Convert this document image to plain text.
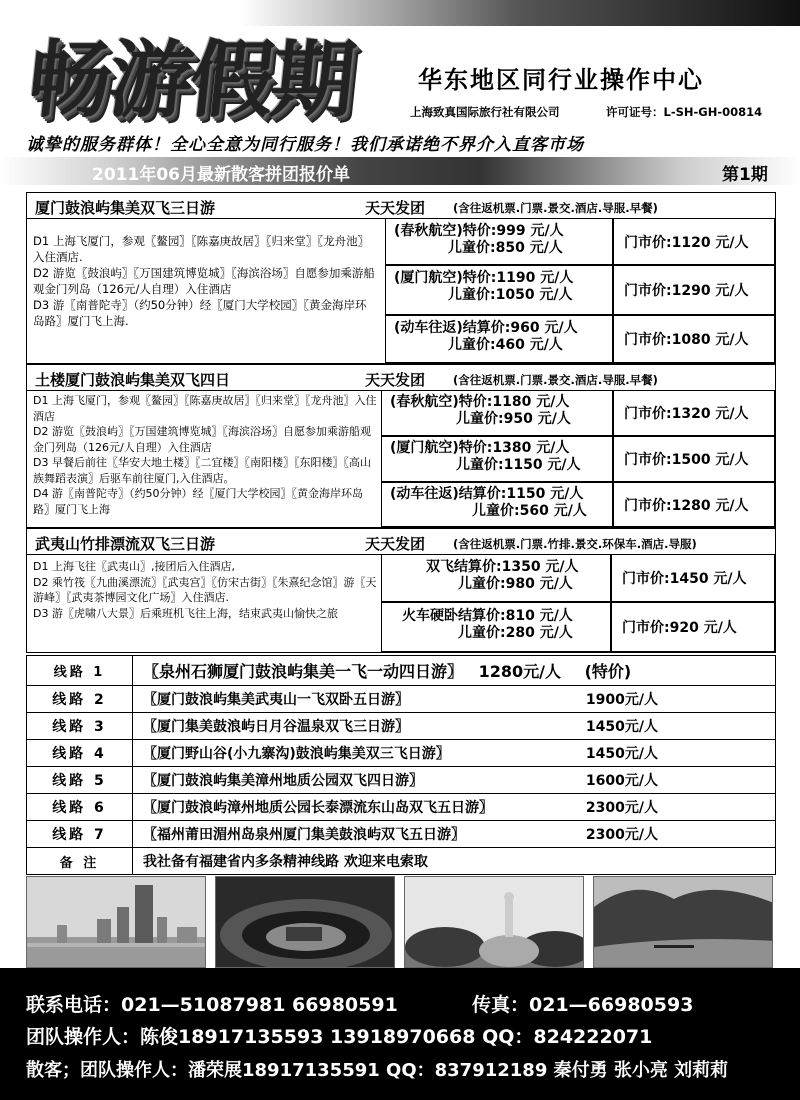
畅游假期	华东地区同行业操作中心
上海致真国际旅行社有限公司	许可证号：L-SH-GH-00814
诚挚的服务群体！全心全意为同行服务！我们承诺绝不界介入直客市场
2011年06月最新散客拼团报价单	第1期
厦门鼓浪屿集美双飞三日游	天天发团 (含往返机票.门票.景交.酒店.导服.早餐)
D1 上海飞厦门，参观〖鳌园〗〖陈嘉庚故居〗〖归来堂〗〖龙舟池〗入住酒店.
D2 游览〖鼓浪屿〗〖万国建筑博览城〗〖海滨浴场〗自愿参加乘游船观金门列岛（126元/人自理）入住酒店
D3 游〖南普陀寺〗（约50分钟）经〖厦门大学校园〗〖黄金海岸环岛路〗厦门飞上海.
(春秋航空)特价:999 元/人
儿童价:850 元/人	门市价:1120 元/人
(厦门航空)特价:1190 元/人
儿童价:1050 元/人	门市价:1290 元/人
(动车往返)结算价:960 元/人
儿童价:460 元/人	门市价:1080 元/人
土楼厦门鼓浪屿集美双飞四日	天天发团 (含往返机票.门票.景交.酒店.导服.早餐)
D1 上海飞厦门，参观〖鳌园〗〖陈嘉庚故居〗〖归来堂〗〖龙舟池〗入住酒店
D2 游览〖鼓浪屿〗〖万国建筑博览城〗〖海滨浴场〗自愿参加乘游船观金门列岛（126元/人自理）入住酒店
D3 早餐后前往〖华安大地土楼〗〖二宜楼〗〖南阳楼〗〖东阳楼〗〖高山族舞蹈表演〗后驱车前往厦门,入住酒店。
D4 游〖南普陀寺〗（约50分钟）经〖厦门大学校园〗〖黄金海岸环岛路〗厦门飞上海
(春秋航空)特价:1180 元/人
儿童价:950 元/人	门市价:1320 元/人
(厦门航空)特价:1380 元/人
儿童价:1150 元/人	门市价:1500 元/人
(动车往返)结算价:1150 元/人
儿童价:560 元/人	门市价:1280 元/人
武夷山竹排漂流双飞三日游	天天发团 (含往返机票.门票.竹排.景交.环保车.酒店.导服)
D1 上海飞往〖武夷山〗,接团后入住酒店,
D2 乘竹筏〖九曲溪漂流〗〖武夷宫〗〖仿宋古街〗〖朱熹纪念馆〗游〖天游峰〗〖武夷茶博园文化广场〗入住酒店.
D3 游〖虎啸八大景〗后乘班机飞往上海，结束武夷山愉快之旅
双飞结算价:1350 元/人
儿童价:980 元/人	门市价:1450 元/人
火车硬卧结算价:810 元/人
儿童价:280 元/人	门市价:920 元/人
线路 1	〖泉州石狮厦门鼓浪屿集美一飞一动四日游〗 1280元/人 (特价)
线路 2	〖厦门鼓浪屿集美武夷山一飞双卧五日游〗 1900元/人
线路 3	〖厦门集美鼓浪屿日月谷温泉双飞三日游〗 1450元/人
线路 4	〖厦门野山谷(小九寨沟)鼓浪屿集美双三飞日游〗 1450元/人
线路 5	〖厦门鼓浪屿集美漳州地质公园双飞四日游〗 1600元/人
线路 6	〖厦门鼓浪屿漳州地质公园长泰漂流东山岛双飞五日游〗 2300元/人
线路 7	〖福州莆田湄州岛泉州厦门集美鼓浪屿双飞五日游〗 2300元/人
备 注	我社备有福建省内多条精神线路 欢迎来电索取
联系电话：021—51087981 66980591	传真：021—66980593
团队操作人：陈俊18917135593 13918970668 QQ：824222071
散客；团队操作人：潘荣展18917135591 QQ：837912189 秦付勇 张小亮 刘莉莉
